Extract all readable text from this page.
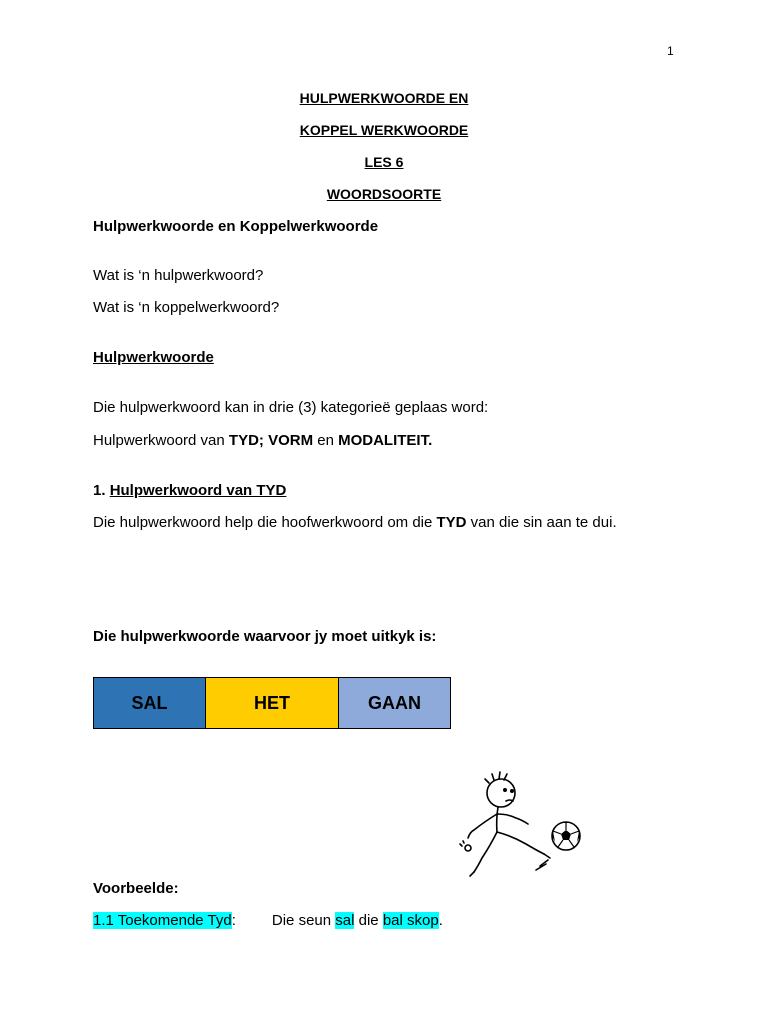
1
HULPWERKWOORDE EN
KOPPEL WERKWOORDE
LES 6
WOORDSOORTE
Hulpwerkwoorde en Koppelwerkwoorde
Wat is ‘n hulpwerkwoord?
Wat is ‘n koppelwerkwoord?
Hulpwerkwoorde
Die hulpwerkwoord kan in drie (3) kategorieë geplaas word:
Hulpwerkwoord van TYD; VORM en MODALITEIT.
1. Hulpwerkwoord van TYD
Die hulpwerkwoord help die hoofwerkwoord om die TYD van die sin aan te dui.
Die hulpwerkwoorde waarvoor jy moet uitkyk is:
SAL	HET	GAAN
Voorbeelde:
1.1 Toekomende Tyd: Die seun sal die bal skop.
